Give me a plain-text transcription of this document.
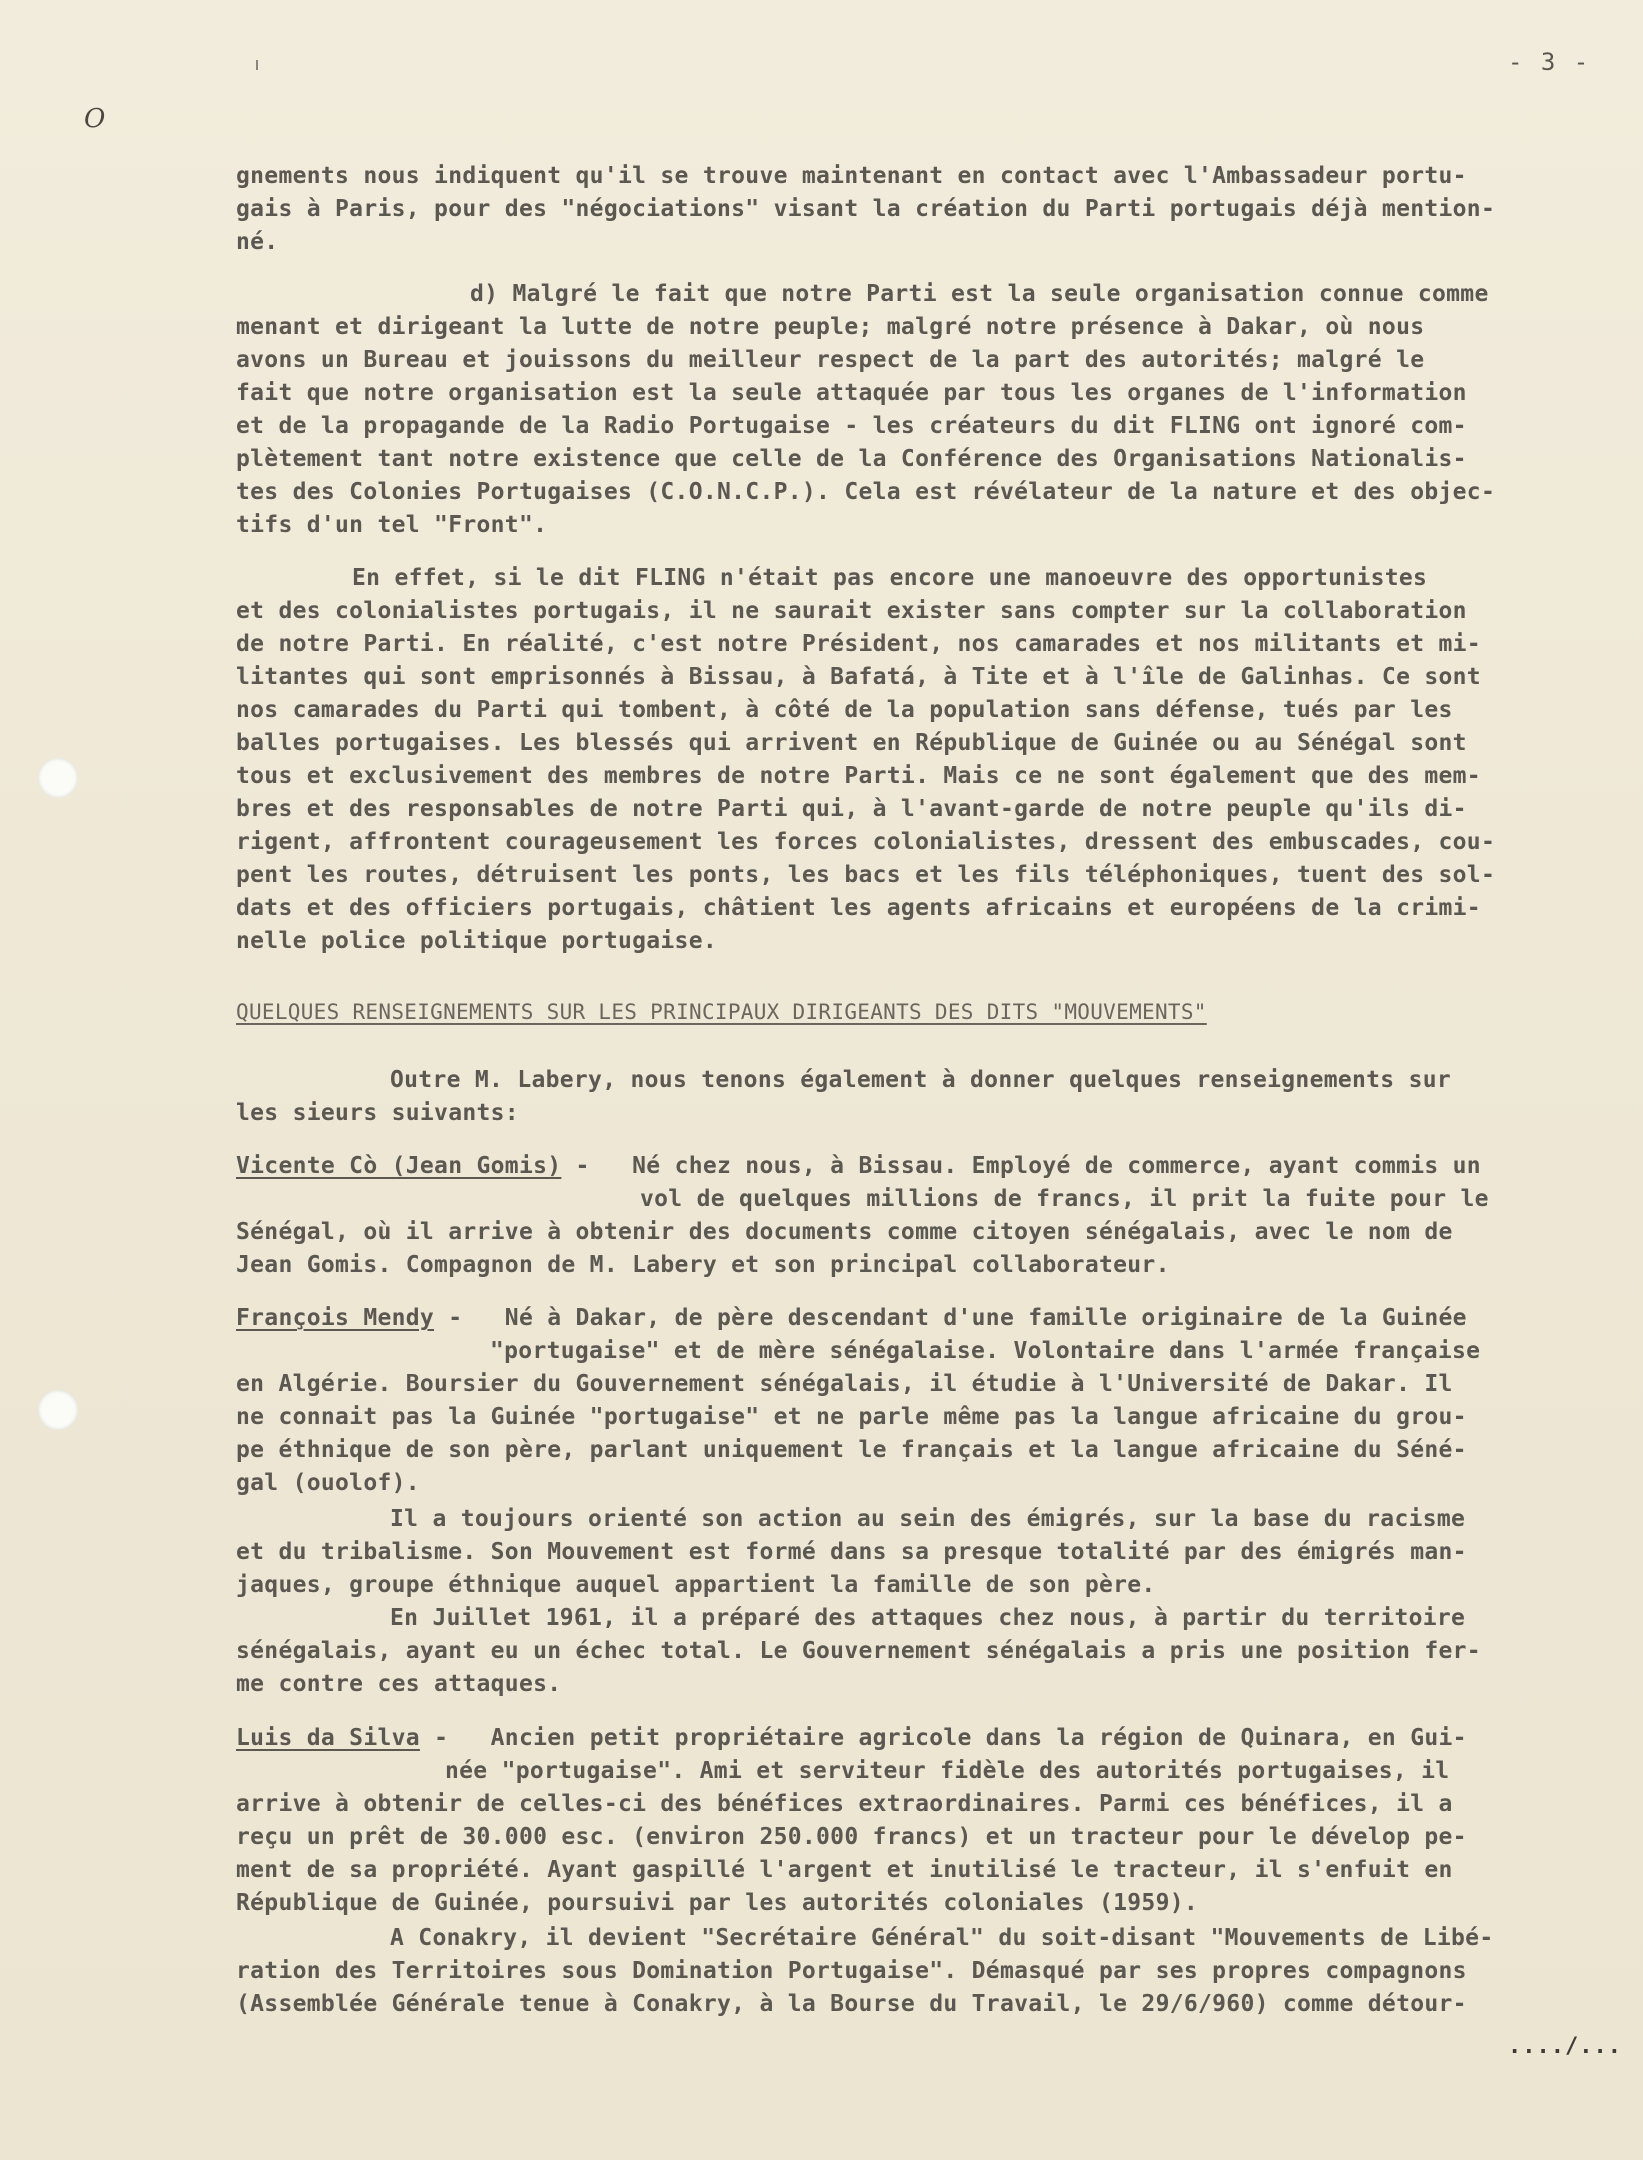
O
- 3 -
gnements nous indiquent qu'il se trouve maintenant en contact avec l'Ambassadeur portu-
gais à Paris, pour des "négociations" visant la création du Parti portugais déjà mention-
né.
d) Malgré le fait que notre Parti est la seule organisation connue comme
menant et dirigeant la lutte de notre peuple; malgré notre présence à Dakar, où nous
avons un Bureau et jouissons du meilleur respect de la part des autorités; malgré le
fait que notre organisation est la seule attaquée par tous les organes de l'information
et de la propagande de la Radio Portugaise - les créateurs du dit FLING ont ignoré com-
plètement tant notre existence que celle de la Conférence des Organisations Nationalis-
tes des Colonies Portugaises (C.O.N.C.P.). Cela est révélateur de la nature et des objec-
tifs d'un tel "Front".
En effet, si le dit FLING n'était pas encore une manoeuvre des opportunistes
et des colonialistes portugais, il ne saurait exister sans compter sur la collaboration
de notre Parti. En réalité, c'est notre Président, nos camarades et nos militants et mi-
litantes qui sont emprisonnés à Bissau, à Bafatá, à Tite et à l'île de Galinhas. Ce sont
nos camarades du Parti qui tombent, à côté de la population sans défense, tués par les
balles portugaises. Les blessés qui arrivent en République de Guinée ou au Sénégal sont
tous et exclusivement des membres de notre Parti. Mais ce ne sont également que des mem-
bres et des responsables de notre Parti qui, à l'avant-garde de notre peuple qu'ils di-
rigent, affrontent courageusement les forces colonialistes, dressent des embuscades, cou-
pent les routes, détruisent les ponts, les bacs et les fils téléphoniques, tuent des sol-
dats et des officiers portugais, châtient les agents africains et européens de la crimi-
nelle police politique portugaise.
QUELQUES RENSEIGNEMENTS SUR LES PRINCIPAUX DIRIGEANTS DES DITS "MOUVEMENTS"
Outre M. Labery, nous tenons également à donner quelques renseignements sur
les sieurs suivants:
Vicente Cò (Jean Gomis) -   Né chez nous, à Bissau. Employé de commerce, ayant commis un
vol de quelques millions de francs, il prit la fuite pour le
Sénégal, où il arrive à obtenir des documents comme citoyen sénégalais, avec le nom de
Jean Gomis. Compagnon de M. Labery et son principal collaborateur.
François Mendy -   Né à Dakar, de père descendant d'une famille originaire de la Guinée
"portugaise" et de mère sénégalaise. Volontaire dans l'armée française
en Algérie. Boursier du Gouvernement sénégalais, il étudie à l'Université de Dakar. Il
ne connait pas la Guinée "portugaise" et ne parle même pas la langue africaine du grou-
pe éthnique de son père, parlant uniquement le français et la langue africaine du Séné-
gal (ouolof).
Il a toujours orienté son action au sein des émigrés, sur la base du racisme
et du tribalisme. Son Mouvement est formé dans sa presque totalité par des émigrés man-
jaques, groupe éthnique auquel appartient la famille de son père.
En Juillet 1961, il a préparé des attaques chez nous, à partir du territoire
sénégalais, ayant eu un échec total. Le Gouvernement sénégalais a pris une position fer-
me contre ces attaques.
Luis da Silva -   Ancien petit propriétaire agricole dans la région de Quinara, en Gui-
née "portugaise". Ami et serviteur fidèle des autorités portugaises, il
arrive à obtenir de celles-ci des bénéfices extraordinaires. Parmi ces bénéfices, il a
reçu un prêt de 30.000 esc. (environ 250.000 francs) et un tracteur pour le dévelop pe-
ment de sa propriété. Ayant gaspillé l'argent et inutilisé le tracteur, il s'enfuit en
République de Guinée, poursuivi par les autorités coloniales (1959).
A Conakry, il devient "Secrétaire Général" du soit-disant "Mouvements de Libé-
ration des Territoires sous Domination Portugaise". Démasqué par ses propres compagnons
(Assemblée Générale tenue à Conakry, à la Bourse du Travail, le 29/6/960) comme détour-
..../...
